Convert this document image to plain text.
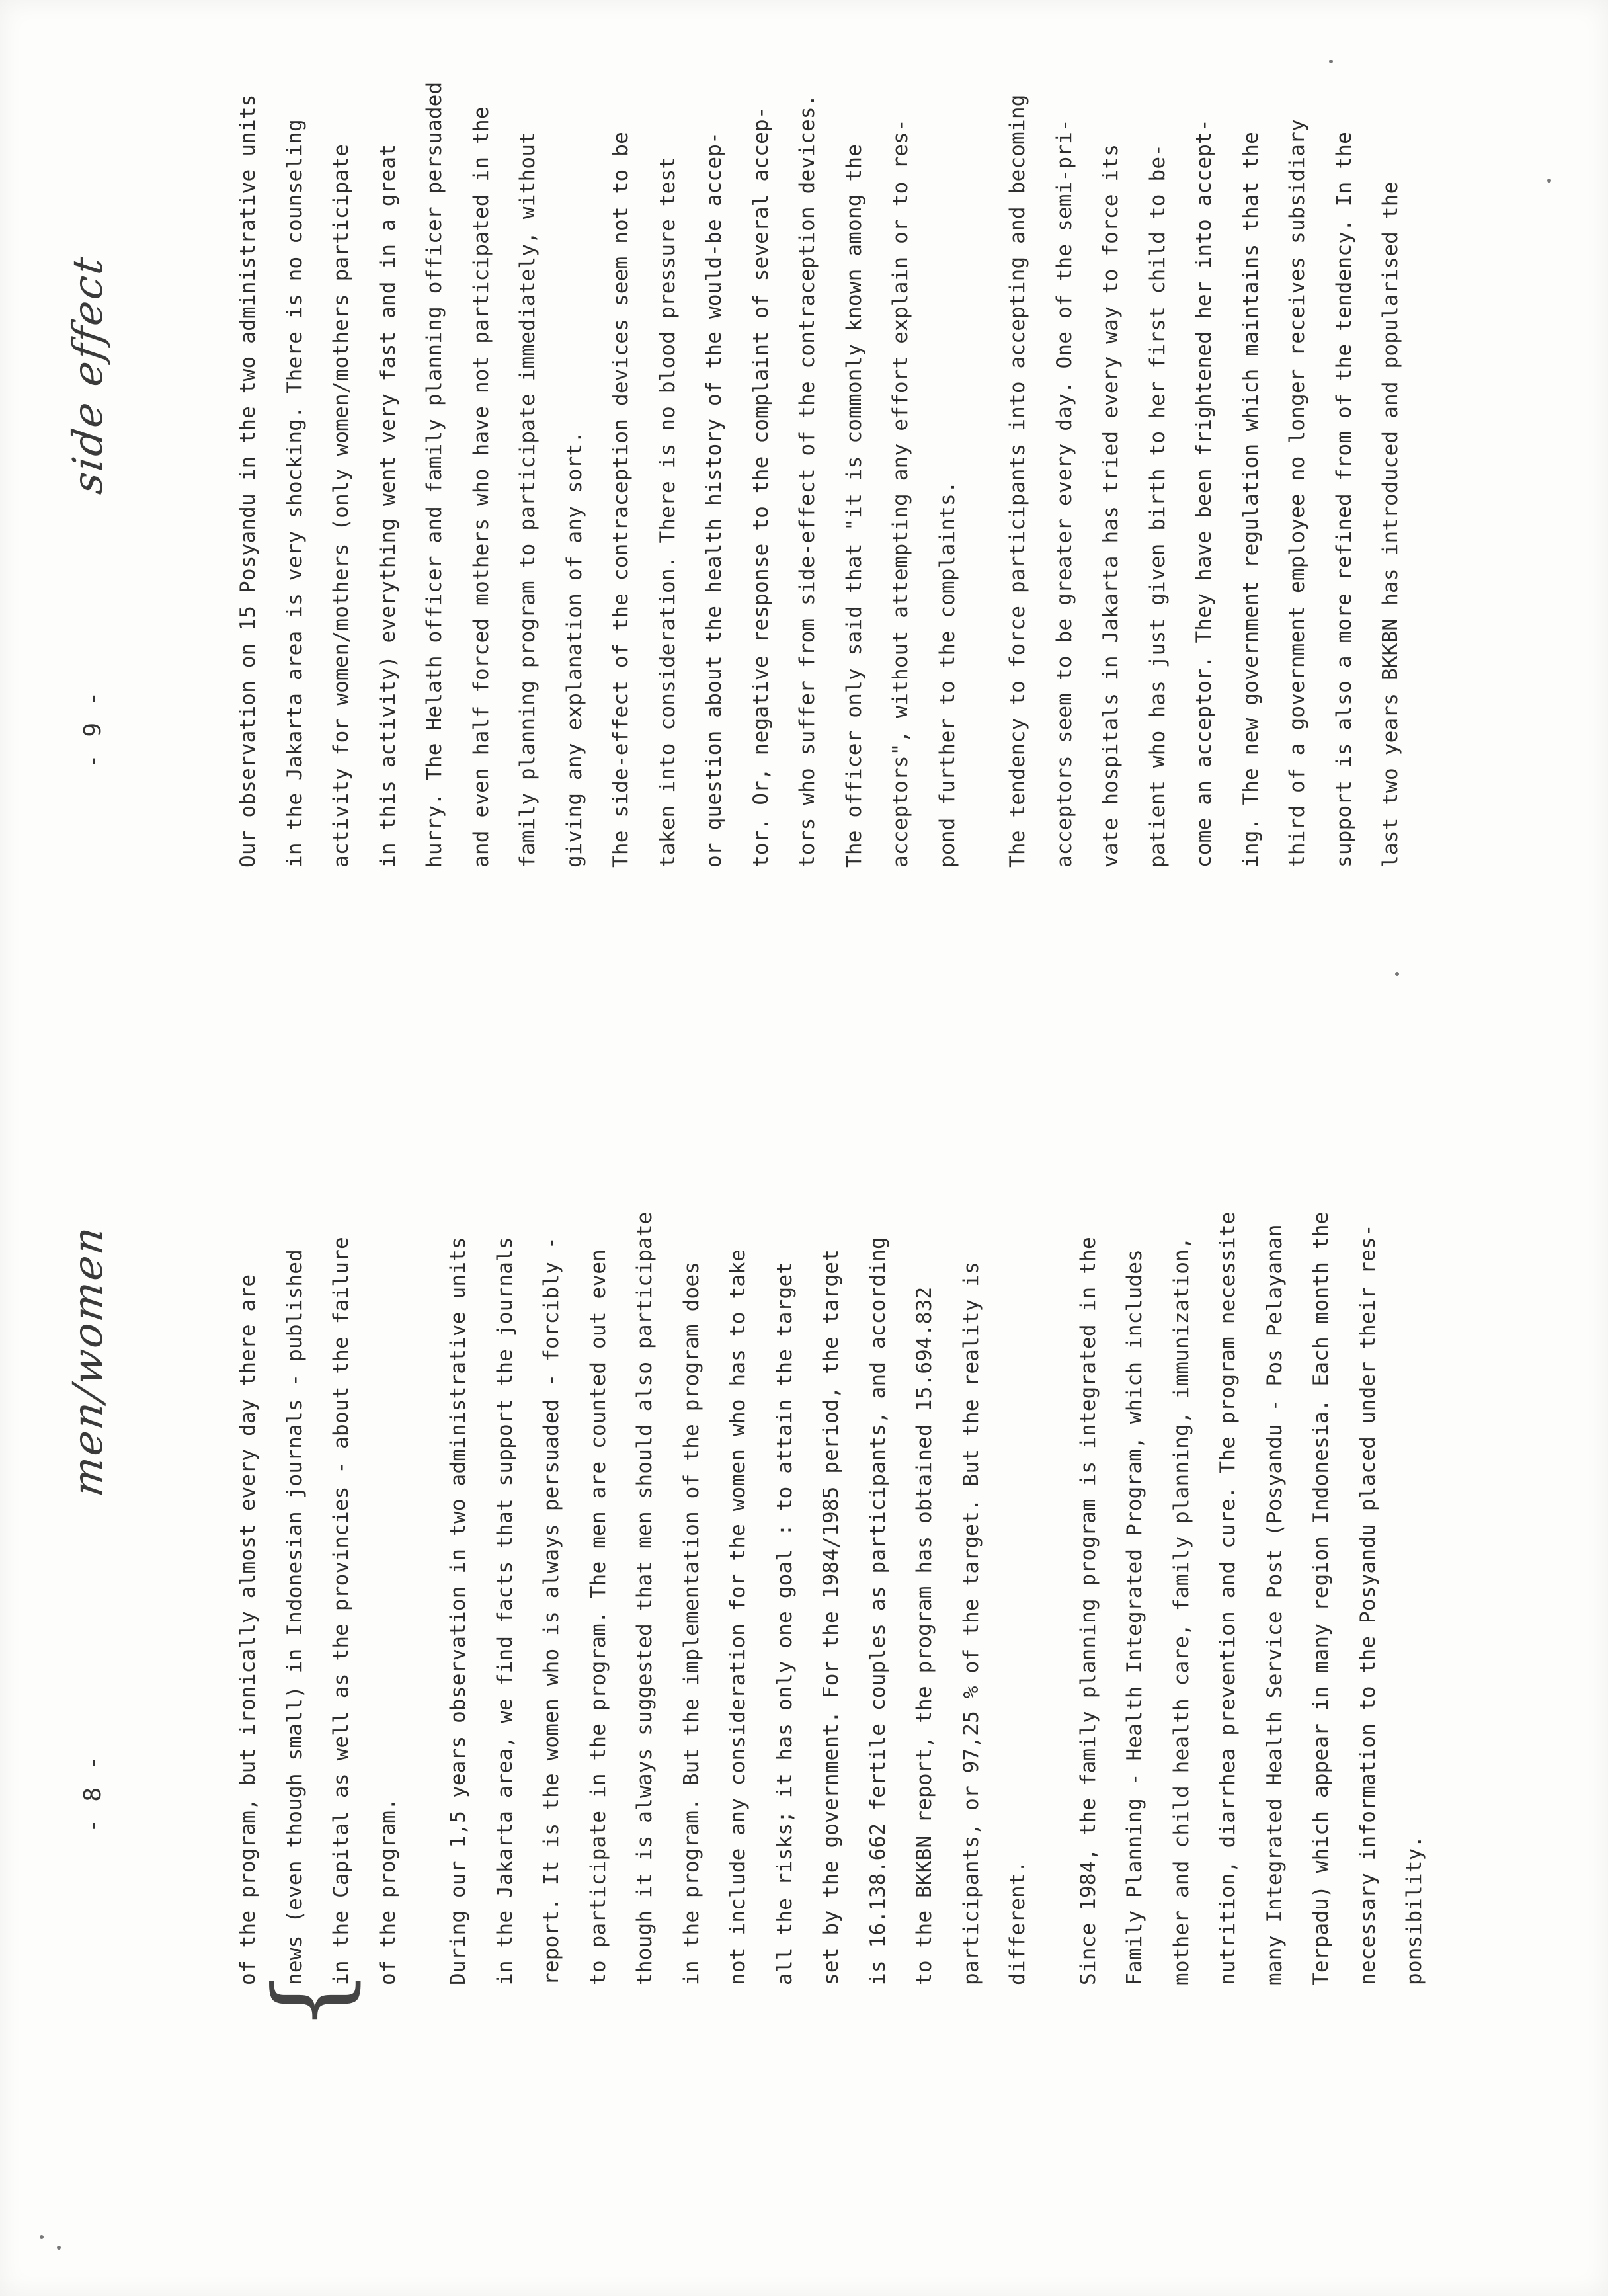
- 8 -
men/women
{
of the program, but ironically almost every day there are	news (even though small) in Indonesian journals - published	in the Capital as well as the provincies - about the failure	of the program.	During our 1,5 years observation in two administrative units	in the Jakarta area, we find facts that support the journals	report. It is the women who is always persuaded - forcibly -	to participate in the program. The men are counted out even	though it is always suggested that men should also participate	in the program. But the implementation of the program does	not include any consideration for the women who has to take	all the risks; it has only one goal : to attain the target	set by the government. For the 1984/1985 period, the target	is 16.138.662 fertile couples as participants, and according	to the BKKBN report, the program has obtained 15.694.832	participants, or 97,25 % of the target. But the reality is	different.	Since 1984, the family planning program is integrated in the	Family Planning - Health Integrated Program, which includes	mother and child health care, family planning, immunization,	nutrition, diarrhea prevention and cure. The program necessite	many Integrated Health Service Post (Posyandu - Pos Pelayanan	Terpadu) which appear in many region Indonesia. Each month the	necessary information to the Posyandu placed under their res-	ponsibility.
- 9 -
side effect	Our observation on 15 Posyandu in the two administrative units	in the Jakarta area is very shocking. There is no counseling	activity for women/mothers (only women/mothers participate	in this activity) everything went very fast and in a great	hurry. The Helath officer and family planning officer persuaded	and even half forced mothers who have not participated in the	family planning program to participate immediately, without	giving any explanation of any sort.	The side-effect of the contraception devices seem not to be	taken into consideration. There is no blood pressure test	or question about the health history of the would-be accep-	tor. Or, negative response to the complaint of several accep-	tors who suffer from side-effect of the contraception devices.	The officer only said that "it is commonly known among the	acceptors", without attempting any effort explain or to res-	pond further to the complaints.	The tendency to force participants into accepting and becoming	acceptors seem to be greater every day. One of the semi-pri-	vate hospitals in Jakarta has tried every way to force its	patient who has just given birth to her first child to be-	come an acceptor. They have been frightened her into accept-	ing. The new government regulation which maintains that the	third of a government employee no longer receives subsidiary	support is also a more refined from of the tendency. In the	last two years BKKBN has introduced and popularised the
